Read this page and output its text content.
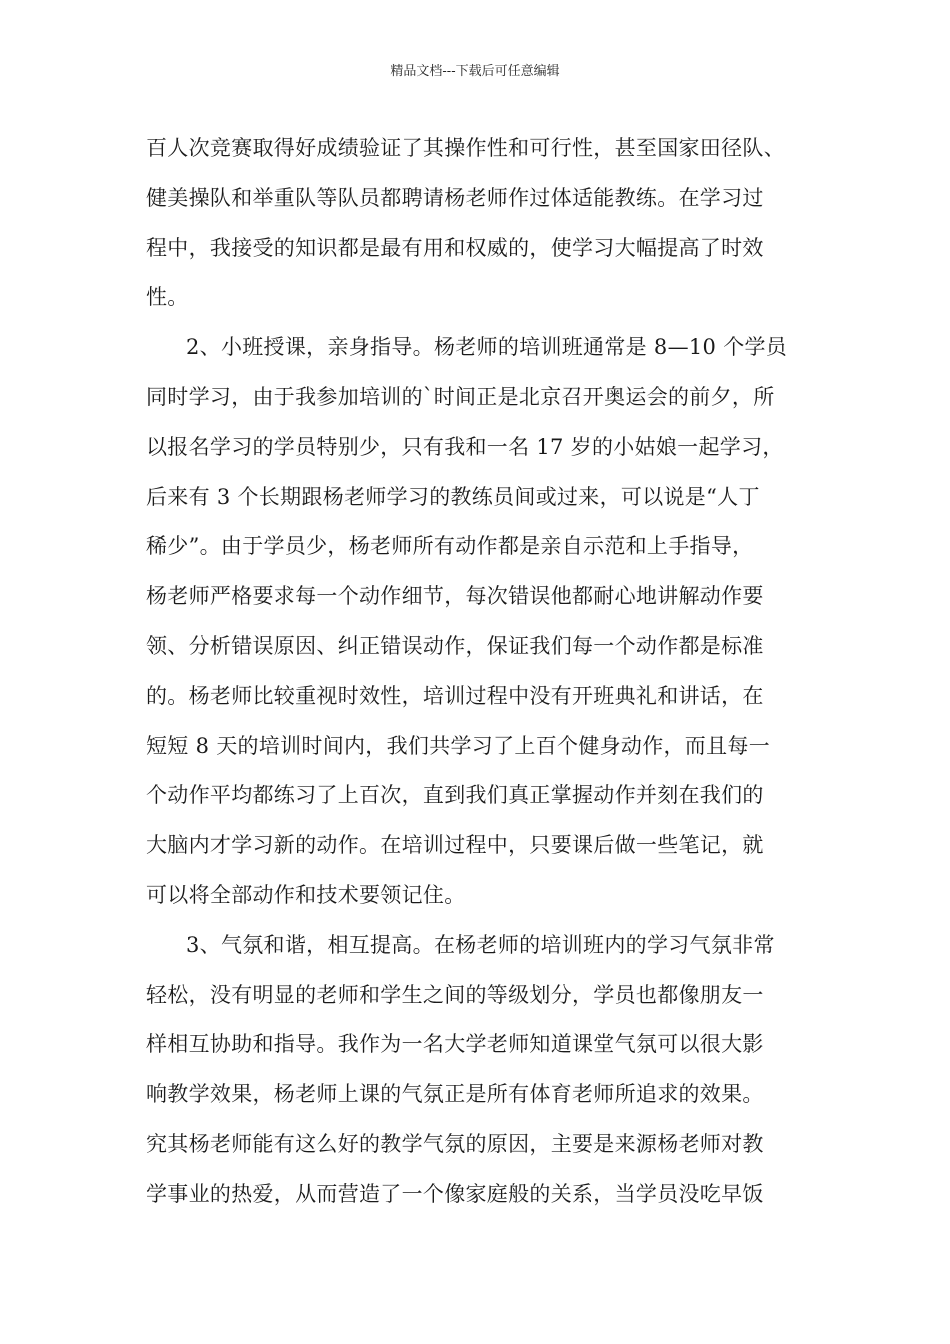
精品文档---下载后可任意编辑
百人次竞赛取得好成绩验证了其操作性和可行性，甚至国家田径队、
健美操队和举重队等队员都聘请杨老师作过体适能教练。在学习过
程中，我接受的知识都是最有用和权威的，使学习大幅提高了时效
性。
2、小班授课，亲身指导。杨老师的培训班通常是 8—10 个学员
同时学习，由于我参加培训的`时间正是北京召开奥运会的前夕，所
以报名学习的学员特别少，只有我和一名 17 岁的小姑娘一起学习，
后来有 3 个长期跟杨老师学习的教练员间或过来，可以说是“人丁
稀少”。由于学员少，杨老师所有动作都是亲自示范和上手指导，
杨老师严格要求每一个动作细节，每次错误他都耐心地讲解动作要
领、分析错误原因、纠正错误动作，保证我们每一个动作都是标准
的。杨老师比较重视时效性，培训过程中没有开班典礼和讲话，在
短短 8 天的培训时间内，我们共学习了上百个健身动作，而且每一
个动作平均都练习了上百次，直到我们真正掌握动作并刻在我们的
大脑内才学习新的动作。在培训过程中，只要课后做一些笔记，就
可以将全部动作和技术要领记住。
3、气氛和谐，相互提高。在杨老师的培训班内的学习气氛非常
轻松，没有明显的老师和学生之间的等级划分，学员也都像朋友一
样相互协助和指导。我作为一名大学老师知道课堂气氛可以很大影
响教学效果，杨老师上课的气氛正是所有体育老师所追求的效果。
究其杨老师能有这么好的教学气氛的原因，主要是来源杨老师对教
学事业的热爱，从而营造了一个像家庭般的关系，当学员没吃早饭
